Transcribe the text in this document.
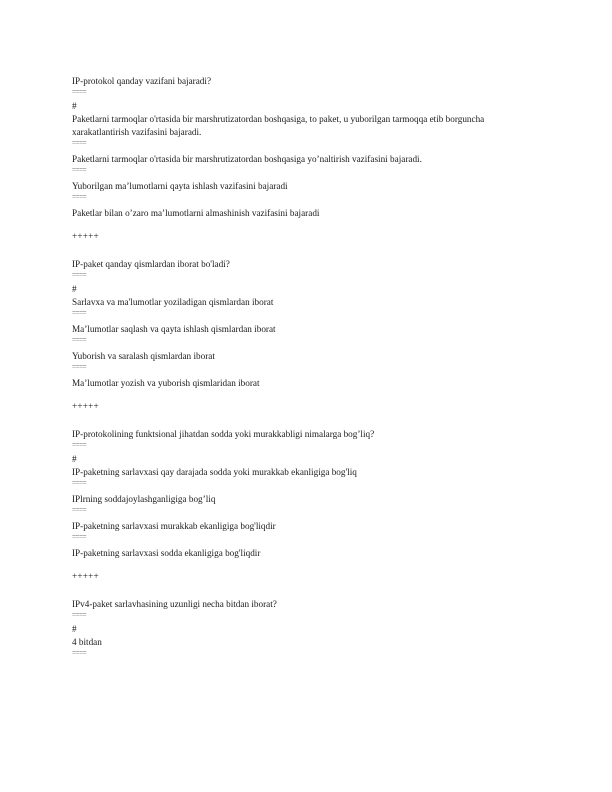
IP-protokol qanday vazifani bajaradi?

====
#

Paketlarni tarmoqlar o'rtasida bir marshrutizatordan boshqasiga, to paket, u yuborilgan tarmoqqa etib borguncha xarakatlantirish vazifasini bajaradi.

====

Paketlarni tarmoqlar o'rtasida bir marshrutizatordan boshqasiga yo’naltirish vazifasini bajaradi.

====

Yuborilgan ma’lumotlarni qayta ishlash vazifasini bajaradi

====

Paketlar bilan o’zaro ma’lumotlarni almashinish vazifasini bajaradi

+++++

IP-paket qanday qismlardan iborat bo'ladi?

====
#

Sarlavxa va ma'lumotlar yoziladigan qismlardan iborat

====

Ma’lumotlar saqlash va qayta ishlash qismlardan iborat

====

Yuborish va saralash qismlardan iborat

====

Ma’lumotlar yozish va yuborish qismlaridan iborat

+++++

IP-protokolining funktsional jihatdan sodda yoki murakkabligi nimalarga bog’liq?

====
#

IP-paketning sarlavxasi qay darajada sodda yoki murakkab ekanligiga bog'liq

====

IPlrning soddajoylashganligiga bog’liq

====

IP-paketning sarlavxasi murakkab ekanligiga bog'liqdir

====

IP-paketning sarlavxasi sodda ekanligiga bog'liqdir

+++++

IPv4-paket sarlavhasining uzunligi necha bitdan iborat?

====
#

4 bitdan

====
